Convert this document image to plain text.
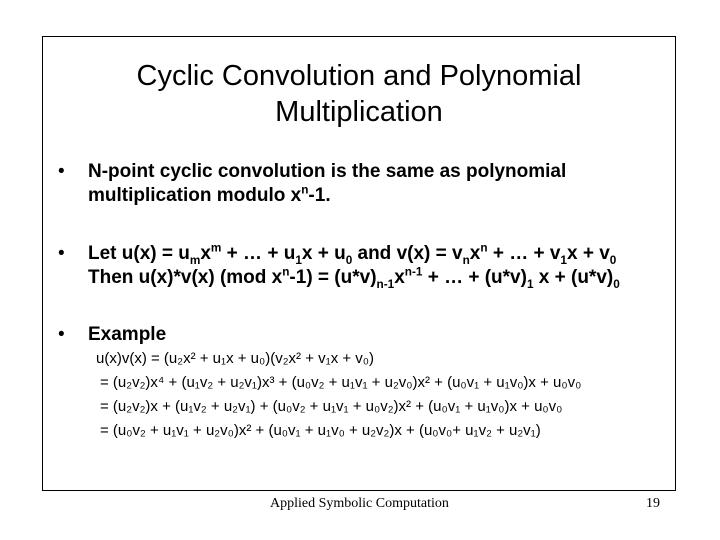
Cyclic Convolution and Polynomial
Multiplication
•	N-point cyclic convolution is the same as polynomial
multiplication modulo $x^n-1$.
•	Let $u(x) = u_mx^m$ + … + $u_1x + u_0$ and $v(x) = v_nx^n$ + … + $v_1x + v_0$
Then u(x)*v(x) (mod $x^n-1) = (u*v)_{n-1}x^{n-1}$ + … + $(u*v)_1$ $x + (u*v)_0$
•	Example
u(x)v(x) = (u₂x² + u₁x + u₀)(v₂x² + v₁x + v₀)
= (u₂v₂)x⁴ + (u₁v₂ + u₂v₁)x³ + (u₀v₂ + u₁v₁ + u₂v₀)x² + (u₀v₁ + u₁v₀)x + u₀v₀
= (u₂v₂)x + (u₁v₂ + u₂v₁) + (u₀v₂ + u₁v₁ + u₀v₂)x² + (u₀v₁ + u₁v₀)x + u₀v₀
= (u₀v₂ + u₁v₁ + u₂v₀)x² + (u₀v₁ + u₁v₀ + u₂v₂)x + (u₀v₀+ u₁v₂ + u₂v₁)
Applied Symbolic Computation	19
